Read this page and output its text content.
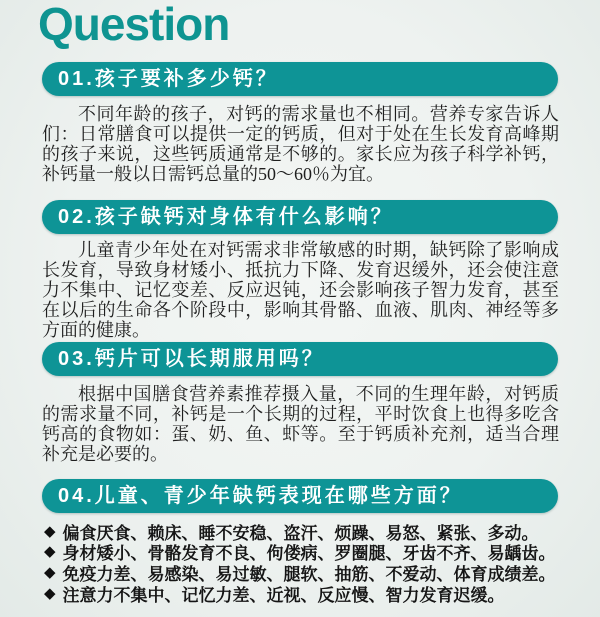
Question
01.孩子要补多少钙？

不同年龄的孩子，对钙的需求量也不相同。营养专家告诉人们：日常膳食可以提供一定的钙质，但对于处在生长发育高峰期的孩子来说，这些钙质通常是不够的。家长应为孩子科学补钙，补钙量一般以日需钙总量的50～60％为宜。

02.孩子缺钙对身体有什么影响？

儿童青少年处在对钙需求非常敏感的时期，缺钙除了影响成长发育，导致身材矮小、抵抗力下降、发育迟缓外，还会使注意力不集中、记忆变差、反应迟钝，还会影响孩子智力发育，甚至在以后的生命各个阶段中，影响其骨骼、血液、肌肉、神经等多方面的健康。

03.钙片可以长期服用吗？

根据中国膳食营养素推荐摄入量，不同的生理年龄，对钙质的需求量不同，补钙是一个长期的过程，平时饮食上也得多吃含钙高的食物如：蛋、奶、鱼、虾等。至于钙质补充剂，适当合理补充是必要的。

04.儿童、青少年缺钙表现在哪些方面？
◆ 偏食厌食、赖床、睡不安稳、盗汗、烦躁、易怒、紧张、多动。
◆ 身材矮小、骨骼发育不良、佝偻病、罗圈腿、牙齿不齐、易龋齿。
◆ 免疫力差、易感染、易过敏、腿软、抽筋、不爱动、体育成绩差。
◆ 注意力不集中、记忆力差、近视、反应慢、智力发育迟缓。
